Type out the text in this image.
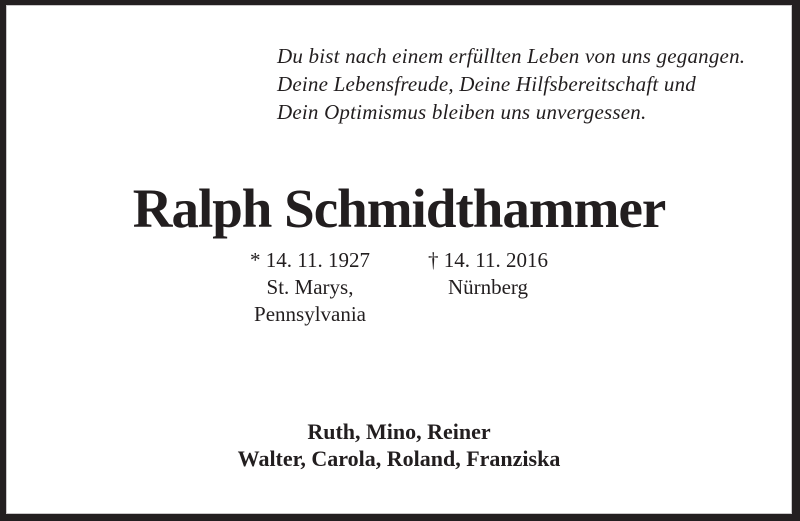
Du bist nach einem erfüllten Leben von uns gegangen.
Deine Lebensfreude, Deine Hilfsbereitschaft und
Dein Optimismus bleiben uns unvergessen.
Ralph Schmidthammer
* 14. 11. 1927
St. Marys,
Pennsylvania
† 14. 11. 2016
Nürnberg
Ruth, Mino, Reiner
Walter, Carola, Roland, Franziska
